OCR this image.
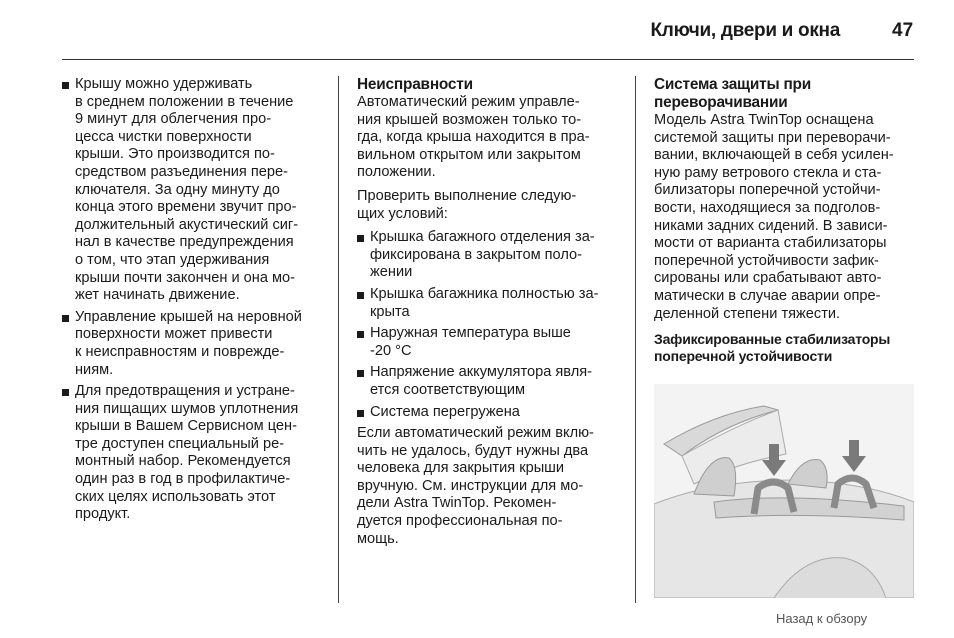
Ключи, двери и окна	47
Крышу можно удерживать
в среднем положении в течение
9 минут для облегчения про-
цесса чистки поверхности
крыши. Это производится по-
средством разъединения пере-
ключателя. За одну минуту до
конца этого времени звучит про-
должительный акустический сиг-
нал в качестве предупреждения
о том, что этап удерживания
крыши почти закончен и она мо-
жет начинать движение.
Управление крышей на неровной
поверхности может привести
к неисправностям и поврежде-
ниям.
Для предотвращения и устране-
ния пищащих шумов уплотнения
крыши в Вашем Сервисном цен-
тре доступен специальный ре-
монтный набор. Рекомендуется
один раз в год в профилактиче-
ских целях использовать этот
продукт.
Неисправности

Автоматический режим управле-
ния крышей возможен только то-
гда, когда крыша находится в пра-
вильном открытом или закрытом
положении.

Проверить выполнение следую-
щих условий:

Крышка багажного отделения за-
фиксирована в закрытом поло-
жении
Крышка багажника полностью за-
крыта
Наружная температура выше
-20 °C
Напряжение аккумулятора явля-
ется соответствующим
Система перегружена

Если автоматический режим вклю-
чить не удалось, будут нужны два
человека для закрытия крыши
вручную. См. инструкции для мо-
дели Astra TwinTop. Рекомен-
дуется профессиональная по-
мощь.

Система защиты при
переворачивании

Модель Astra TwinTop оснащена
системой защиты при переворачи-
вании, включающей в себя усилен-
ную раму ветрового стекла и ста-
билизаторы поперечной устойчи-
вости, находящиеся за подголов-
никами задних сидений. В зависи-
мости от варианта стабилизаторы
поперечной устойчивости зафик-
сированы или срабатывают авто-
матически в случае аварии опре-
деленной степени тяжести.

Зафиксированные стабилизаторы
поперечной устойчивости
Назад к обзору
